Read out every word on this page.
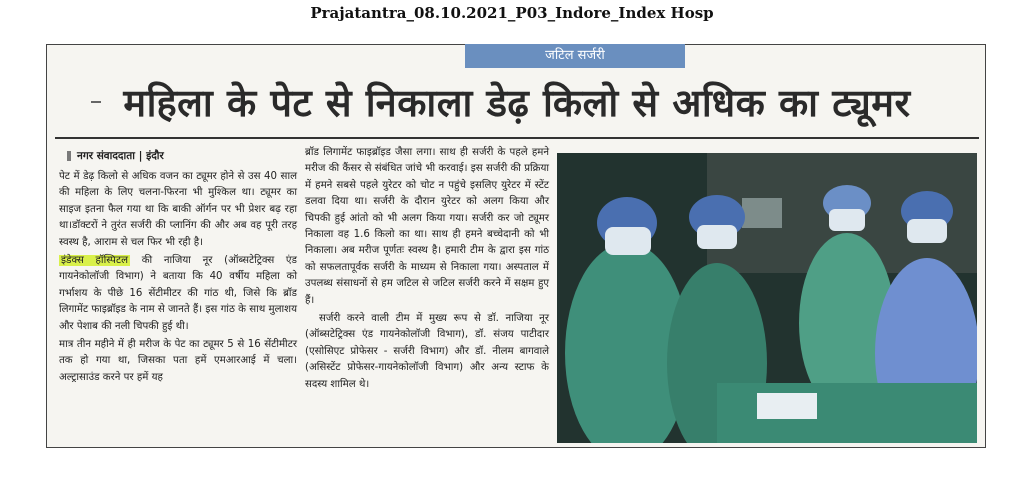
Prajatantra_08.10.2021_P03_Indore_Index Hosp
जटिल सर्जरी
महिला के पेट से निकाला डेढ़ किलो से अधिक का ट्यूमर
नगर संवाददाता | इंदौर

पेट में डेढ़ किलो से अधिक वजन का ट्यूमर होने से उस 40 साल की महिला के लिए चलना-फिरना भी मुश्किल था। ट्यूमर का साइज इतना फैल गया था कि बाकी ऑर्गन पर भी प्रेशर बढ़ रहा था।डॉक्टरों ने तुरंत सर्जरी की प्लानिंग की और अब वह पूरी तरह स्वस्थ है, आराम से चल फिर भी रही है।

इंडेक्स हॉस्पिटल की नाजिया नूर (ऑब्सटेट्रिक्स एंड गायनेकोलॉजी विभाग) ने बताया कि 40 वर्षीय महिला को गर्भाशय के पीछे 16 सेंटीमीटर की गांठ थी, जिसे कि ब्रॉड लिगामेंट फाइब्रॉइड के नाम से जानते हैं। इस गांठ के साथ मुलाशय और पेशाब की नली चिपकी हुई थी।

मात्र तीन महीने में ही मरीज के पेट का ट्यूमर 5 से 16 सेंटीमीटर तक हो गया था, जिसका पता हमें एमआरआई में चला। अल्ट्रासाउंड करने पर हमें यह

ब्रॉड लिगामेंट फाइब्रॉइड जैसा लगा। साथ ही सर्जरी के पहले हमने मरीज की कैंसर से संबंधित जांचे भी करवाई। इस सर्जरी की प्रक्रिया में हमने सबसे पहले युरेटर को चोट न पहुंचे इसलिए युरेटर में स्टेंट डलवा दिया था। सर्जरी के दौरान युरेटर को अलग किया और चिपकी हुई आंतो को भी अलग किया गया। सर्जरी कर जो ट्यूमर निकाला वह 1.6 किलो का था। साथ ही हमने बच्चेदानी को भी निकाला। अब मरीज पूर्णतः स्वस्थ है। हमारी टीम के द्वारा इस गांठ को सफलतापूर्वक सर्जरी के माध्यम से निकाला गया। अस्पताल में उपलब्ध संसाधनों से हम जटिल से जटिल सर्जरी करने में सक्षम हुए हैं।

सर्जरी करने वाली टीम में मुख्य रूप से डॉ. नाजिया नूर (ऑब्सटेट्रिक्स एंड गायनेकोलॉजी विभाग), डॉ. संजय पाटीदार (एसोसिएट प्रोफेसर - सर्जरी विभाग) और डॉ. नीलम बागवाले (असिस्टेंट प्रोफेसर-गायनेकोलॉजी विभाग) और अन्य स्टाफ के सदस्य शामिल थे।
